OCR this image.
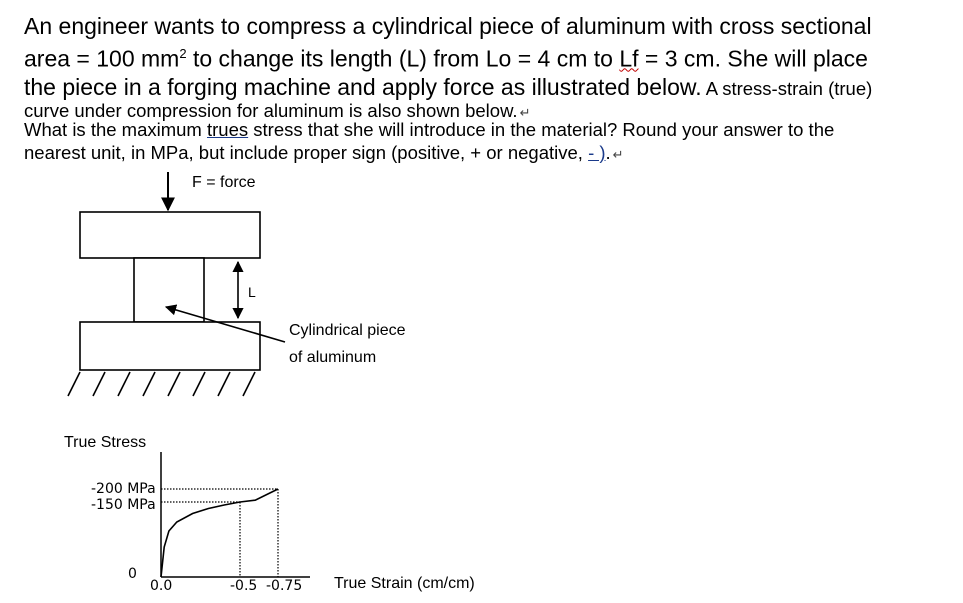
An engineer wants to compress a cylindrical piece of aluminum with cross sectional
area = 100 $mm^2$ to change its length (L) from Lo = 4 cm to Lf = 3 cm. She will place
the piece in a forging machine and apply force as illustrated below. A stress-strain (true)
curve under compression for aluminum is also shown below. ↵
What is the maximum trues stress that she will introduce in the material? Round your answer to the
nearest unit, in MPa, but include proper sign (positive, + or negative, - ). ↵
F = force
L
Cylindrical piece
of aluminum
True Stress
True Strain (cm/cm)
-200 MPa
-150 MPa
0
0.0	-0.5 -0.75
